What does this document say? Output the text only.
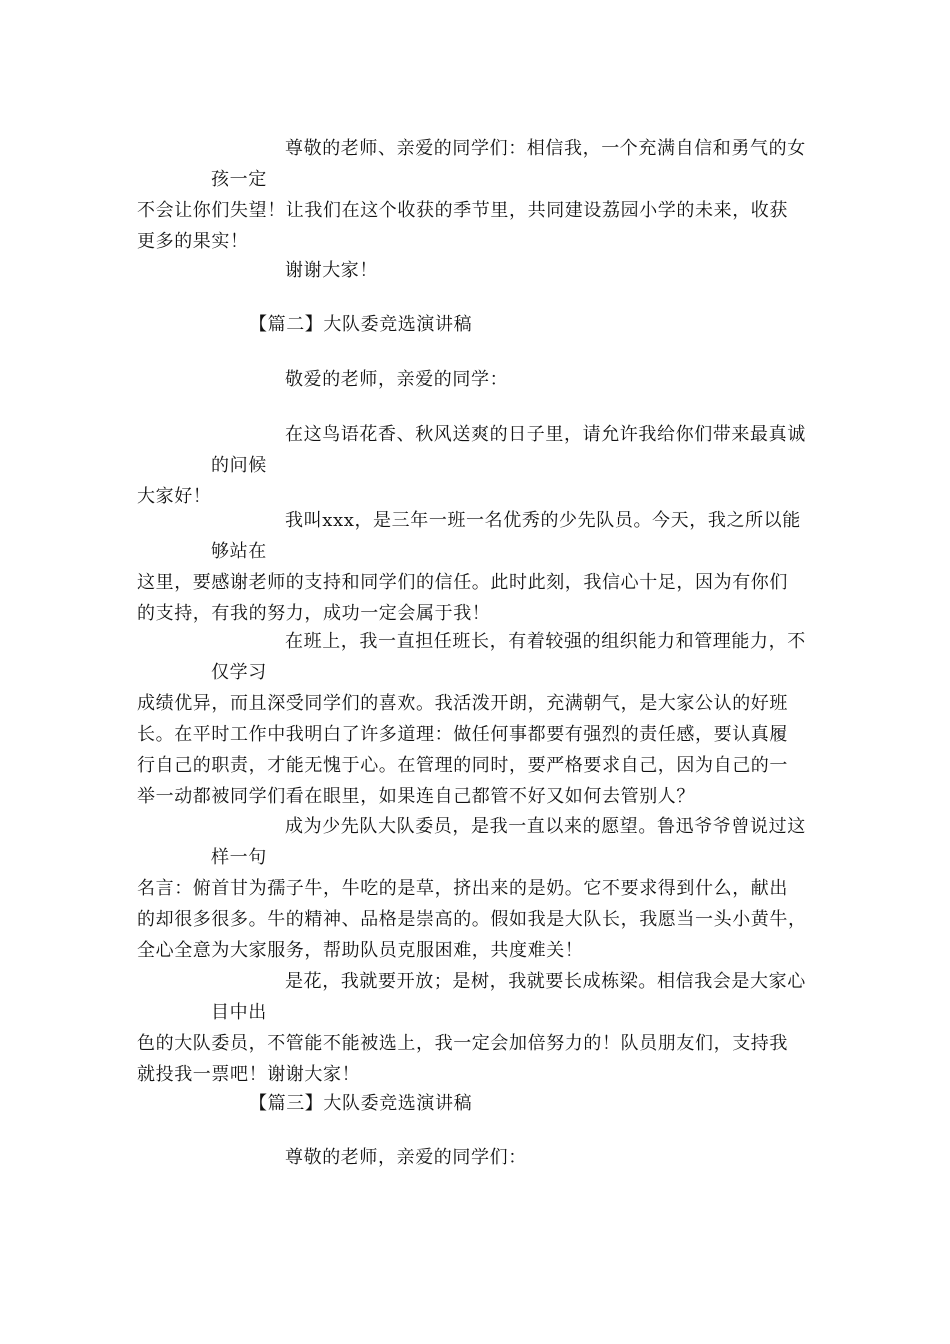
尊敬的老师、亲爱的同学们：相信我，一个充满自信和勇气的女孩一定
不会让你们失望！让我们在这个收获的季节里，共同建设荔园小学的未来，收获
更多的果实！
谢谢大家！
【篇二】大队委竞选演讲稿
敬爱的老师，亲爱的同学：
在这鸟语花香、秋风送爽的日子里，请允许我给你们带来最真诚的问候
大家好！
我叫xxx，是三年一班一名优秀的少先队员。今天，我之所以能够站在
这里，要感谢老师的支持和同学们的信任。此时此刻，我信心十足，因为有你们
的支持，有我的努力，成功一定会属于我！
在班上，我一直担任班长，有着较强的组织能力和管理能力，不仅学习
成绩优异，而且深受同学们的喜欢。我活泼开朗，充满朝气，是大家公认的好班
长。在平时工作中我明白了许多道理：做任何事都要有强烈的责任感，要认真履
行自己的职责，才能无愧于心。在管理的同时，要严格要求自己，因为自己的一
举一动都被同学们看在眼里，如果连自己都管不好又如何去管别人？
成为少先队大队委员，是我一直以来的愿望。鲁迅爷爷曾说过这样一句
名言：俯首甘为孺子牛，牛吃的是草，挤出来的是奶。它不要求得到什么，献出
的却很多很多。牛的精神、品格是崇高的。假如我是大队长，我愿当一头小黄牛，
全心全意为大家服务，帮助队员克服困难，共度难关！
是花，我就要开放；是树，我就要长成栋梁。相信我会是大家心目中出
色的大队委员，不管能不能被选上，我一定会加倍努力的！队员朋友们，支持我
就投我一票吧！谢谢大家！
【篇三】大队委竞选演讲稿
尊敬的老师，亲爱的同学们：
